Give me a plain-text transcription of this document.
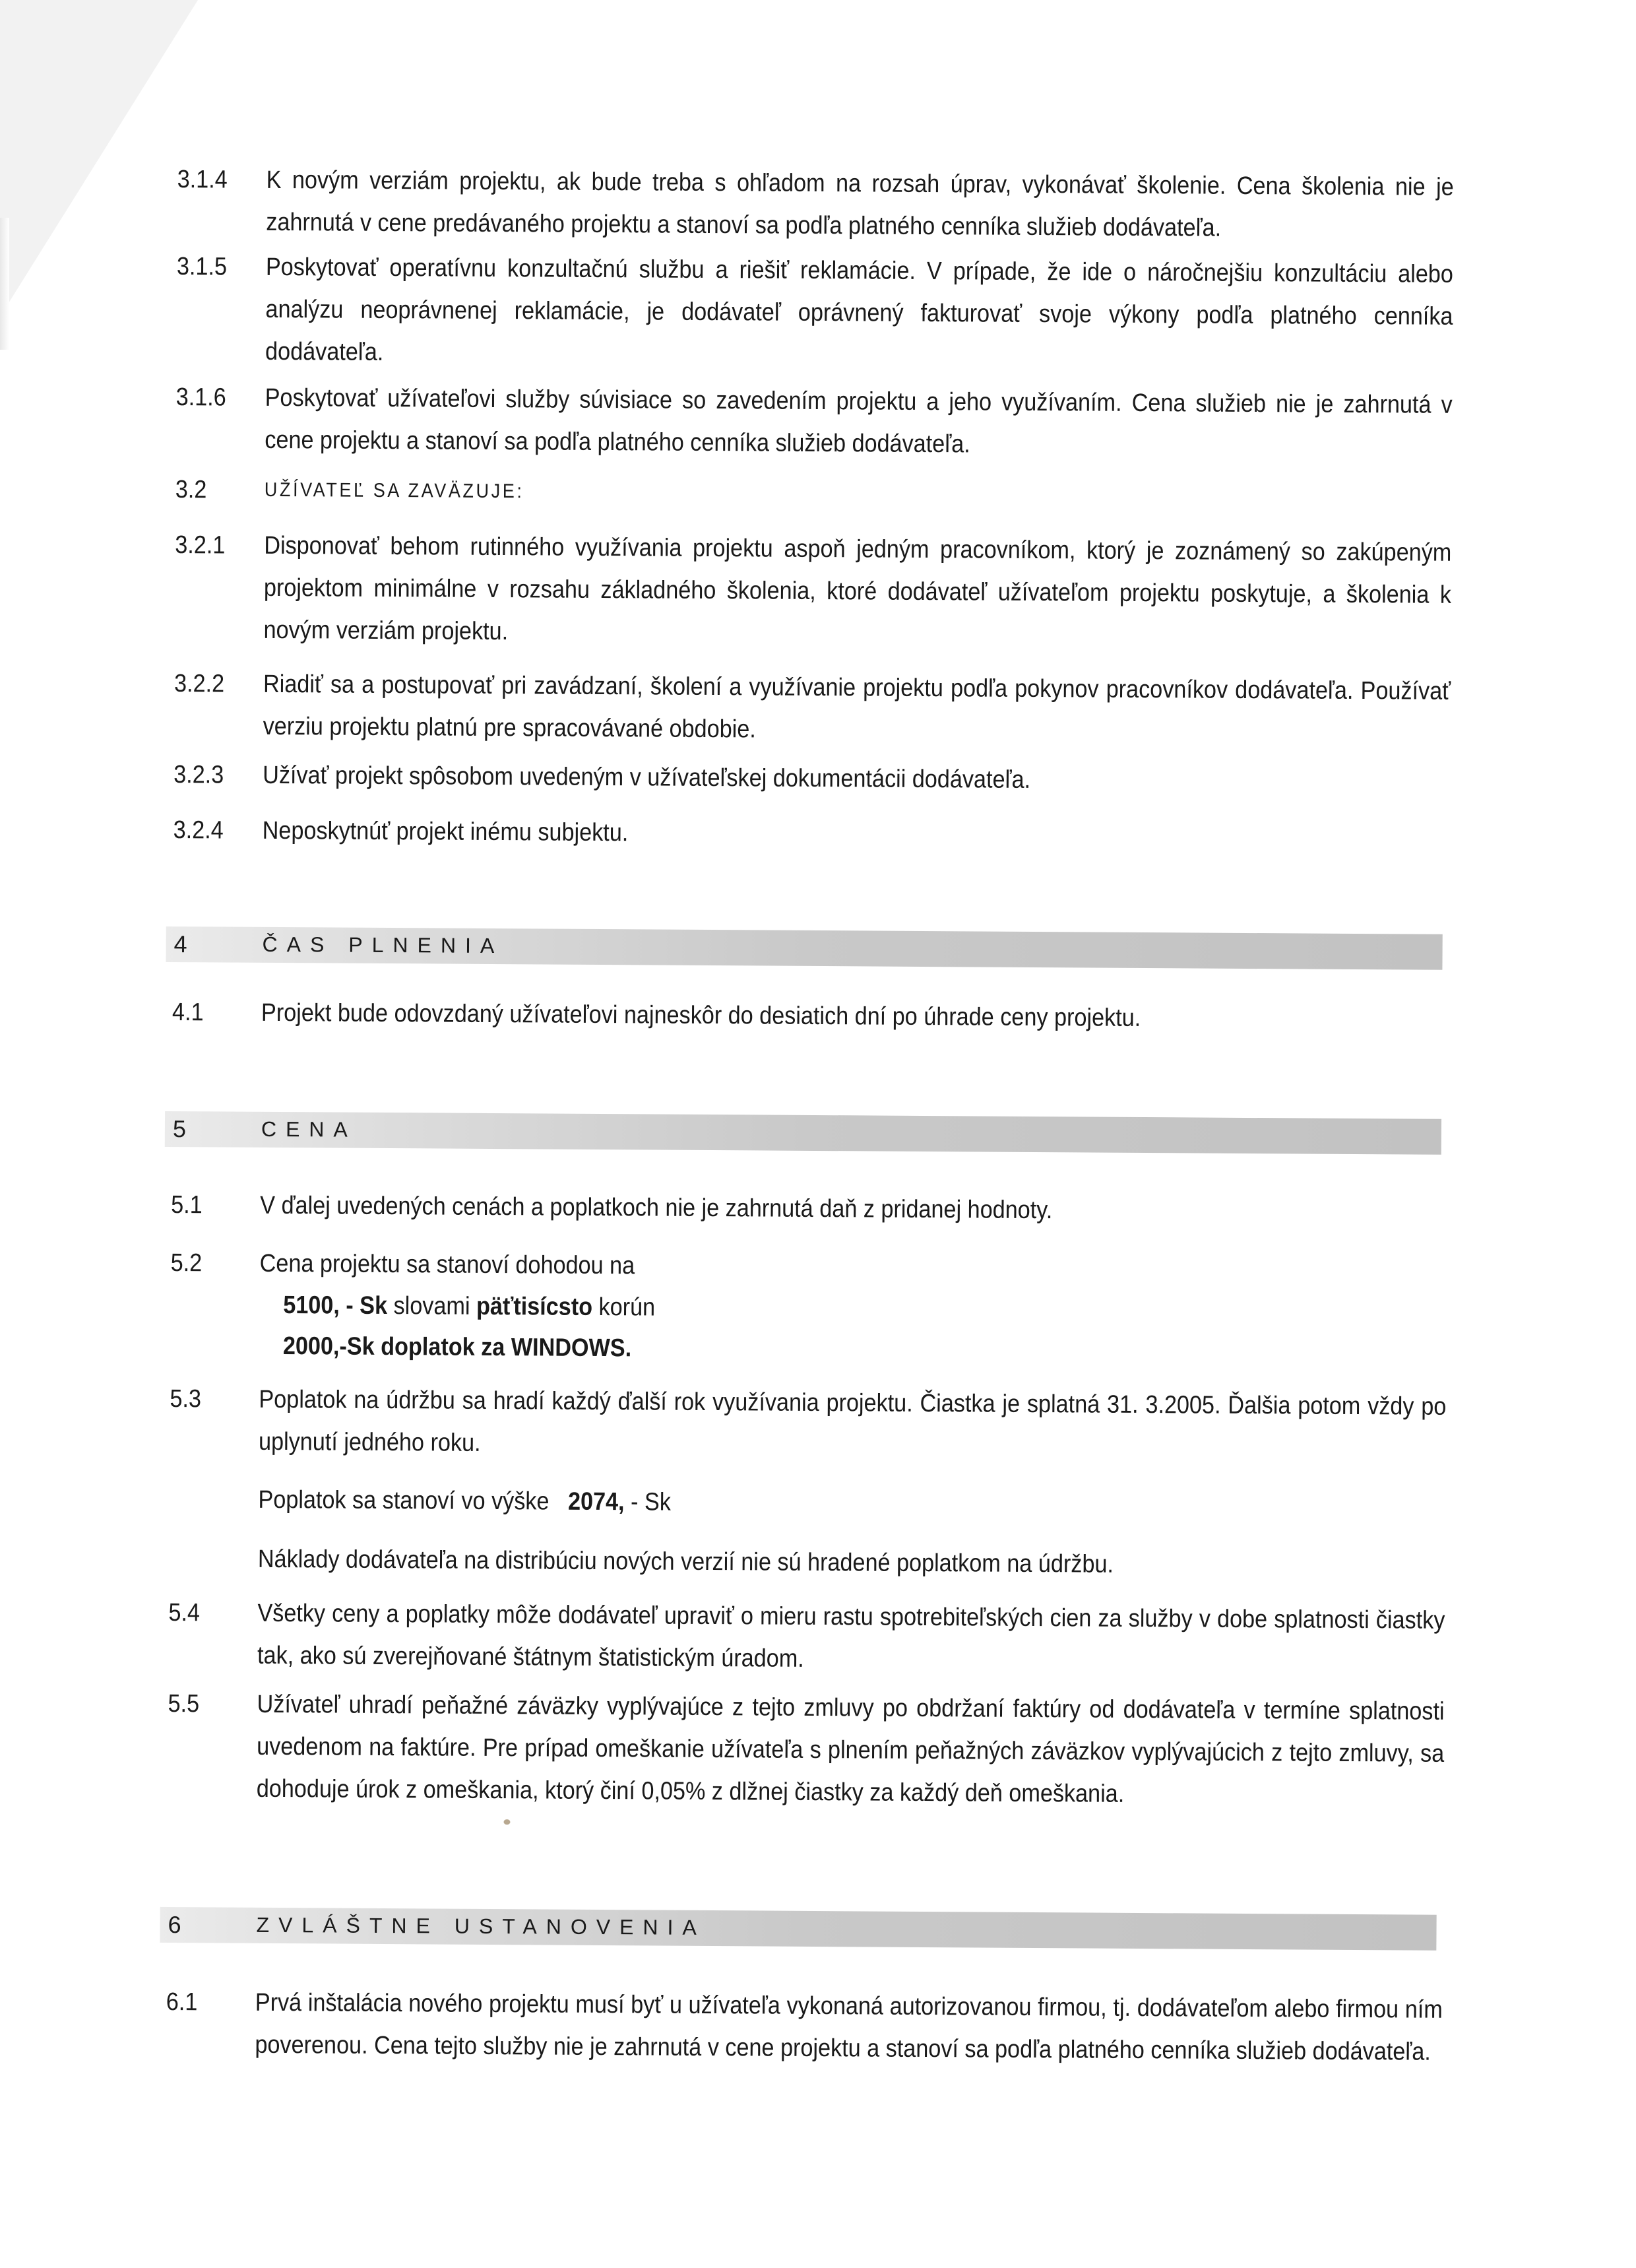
3.1.4	K novým verziám projektu, ak bude treba s ohľadom na rozsah úprav, vykonávať školenie. Cena školenia nie je zahrnutá v cene predávaného projektu a stanoví sa podľa platného cenníka služieb dodávateľa.
3.1.5	Poskytovať operatívnu konzultačnú službu a riešiť reklamácie. V prípade, že ide o náročnejšiu konzultáciu alebo analýzu neoprávnenej reklamácie, je dodávateľ oprávnený fakturovať svoje výkony podľa platného cenníka dodávateľa.
3.1.6	Poskytovať užívateľovi služby súvisiace so zavedením projektu a jeho využívaním. Cena služieb nie je zahrnutá v cene projektu a stanoví sa podľa platného cenníka služieb dodávateľa.
3.2	UŽÍVATEĽ SA ZAVÄZUJE:
3.2.1	Disponovať behom rutinného využívania projektu aspoň jedným pracovníkom, ktorý je zoznámený so zakúpeným projektom minimálne v rozsahu základného školenia, ktoré dodávateľ užívateľom projektu poskytuje, a školenia k novým verziám projektu.
3.2.2	Riadiť sa a postupovať pri zavádzaní, školení a využívanie projektu podľa pokynov pracovníkov dodávateľa. Používať verziu projektu platnú pre spracovávané obdobie.
3.2.3	Užívať projekt spôsobom uvedeným v užívateľskej dokumentácii dodávateľa.
3.2.4	Neposkytnúť projekt inému subjektu.
4	ČAS PLNENIA
4.1	Projekt bude odovzdaný užívateľovi najneskôr do desiatich dní po úhrade ceny projektu.
5	CENA
5.1	V ďalej uvedených cenách a poplatkoch nie je zahrnutá daň z pridanej hodnoty.
5.2	Cena projektu sa stanoví dohodou na
5100, - Sk slovami päťtisícsto korún
2000,-Sk doplatok za WINDOWS.
5.3	Poplatok na údržbu sa hradí každý ďalší rok využívania projektu. Čiastka je splatná 31. 3.2005. Ďalšia potom vždy po uplynutí jedného roku.
Poplatok sa stanoví vo výške 2074, - Sk
Náklady dodávateľa na distribúciu nových verzií nie sú hradené poplatkom na údržbu.
5.4	Všetky ceny a poplatky môže dodávateľ upraviť o mieru rastu spotrebiteľských cien za služby v dobe splatnosti čiastky tak, ako sú zverejňované štátnym štatistickým úradom.
5.5	Užívateľ uhradí peňažné záväzky vyplývajúce z tejto zmluvy po obdržaní faktúry od dodávateľa v termíne splatnosti uvedenom na faktúre. Pre prípad omeškanie užívateľa s plnením peňažných záväzkov vyplývajúcich z tejto zmluvy, sa dohoduje úrok z omeškania, ktorý činí 0,05% z dlžnej čiastky za každý deň omeškania.
6	ZVLÁŠTNE USTANOVENIA
6.1	Prvá inštalácia nového projektu musí byť u užívateľa vykonaná autorizovanou firmou, tj. dodávateľom alebo firmou ním poverenou. Cena tejto služby nie je zahrnutá v cene projektu a stanoví sa podľa platného cenníka služieb dodávateľa.
